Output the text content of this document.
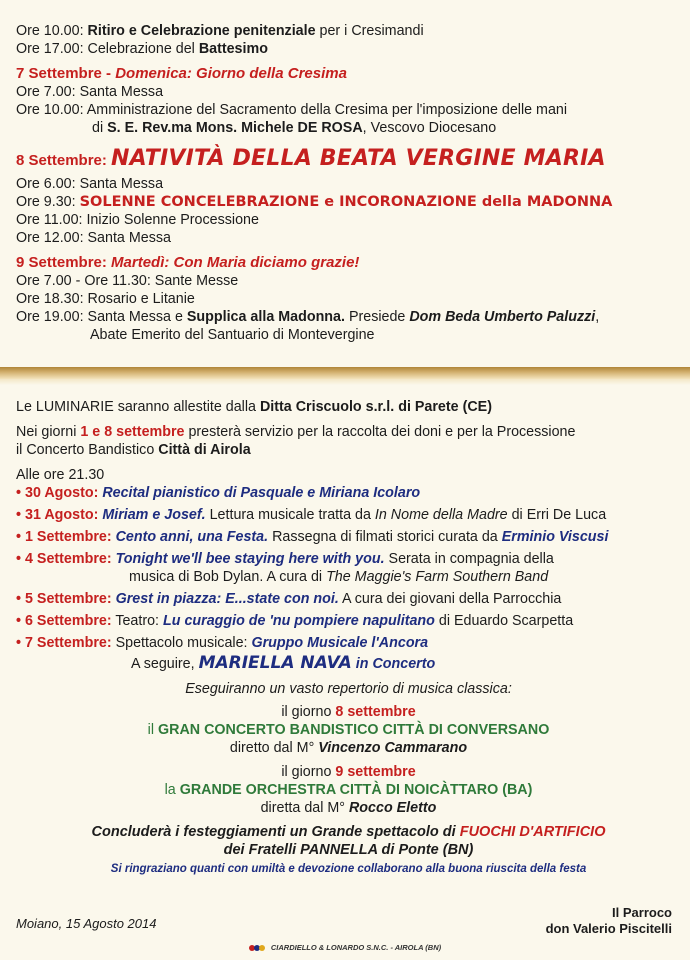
Ore 10.00: Ritiro e Celebrazione penitenziale per i Cresimandi
Ore 17.00: Celebrazione del Battesimo
7 Settembre - Domenica: Giorno della Cresima
Ore 7.00: Santa Messa
Ore 10.00: Amministrazione del Sacramento della Cresima per l'imposizione delle mani
di S. E. Rev.ma Mons. Michele DE ROSA, Vescovo Diocesano
8 Settembre: NATIVITÀ DELLA BEATA VERGINE MARIA
Ore 6.00: Santa Messa
Ore 9.30: SOLENNE CONCELEBRAZIONE e INCORONAZIONE della MADONNA
Ore 11.00: Inizio Solenne Processione
Ore 12.00: Santa Messa
9 Settembre: Martedì: Con Maria diciamo grazie!
Ore 7.00 - Ore 11.30: Sante Messe
Ore 18.30: Rosario e Litanie
Ore 19.00: Santa Messa e Supplica alla Madonna. Presiede Dom Beda Umberto Paluzzi,
Abate Emerito del Santuario di Montevergine
Le LUMINARIE saranno allestite dalla Ditta Criscuolo s.r.l. di Parete (CE)
Nei giorni 1 e 8 settembre presterà servizio per la raccolta dei doni e per la Processione
il Concerto Bandistico Città di Airola
Alle ore 21.30
• 30 Agosto: Recital pianistico di Pasquale e Miriana Icolaro
• 31 Agosto: Miriam e Josef. Lettura musicale tratta da In Nome della Madre di Erri De Luca
• 1 Settembre: Cento anni, una Festa. Rassegna di filmati storici curata da Erminio Viscusi
• 4 Settembre: Tonight we'll bee staying here with you. Serata in compagnia della
musica di Bob Dylan. A cura di The Maggie's Farm Southern Band
• 5 Settembre: Grest in piazza: E...state con noi. A cura dei giovani della Parrocchia
• 6 Settembre: Teatro: Lu curaggio de 'nu pompiere napulitano di Eduardo Scarpetta
• 7 Settembre: Spettacolo musicale: Gruppo Musicale l'Ancora
A seguire, MARIELLA NAVA in Concerto
Eseguiranno un vasto repertorio di musica classica:
il giorno 8 settembre
il GRAN CONCERTO BANDISTICO CITTÀ DI CONVERSANO
diretto dal M° Vincenzo Cammarano
il giorno 9 settembre
la GRANDE ORCHESTRA CITTÀ DI NOICÀTTARO (BA)
diretta dal M° Rocco Eletto
Concluderà i festeggiamenti un Grande spettacolo di FUOCHI D'ARTIFICIO
dei Fratelli PANNELLA di Ponte (BN)
Si ringraziano quanti con umiltà e devozione collaborano alla buona riuscita della festa
Moiano, 15 Agosto 2014
Il Parroco
don Valerio Piscitelli
CIARDIELLO & LONARDO S.N.C. - AIROLA (BN)
